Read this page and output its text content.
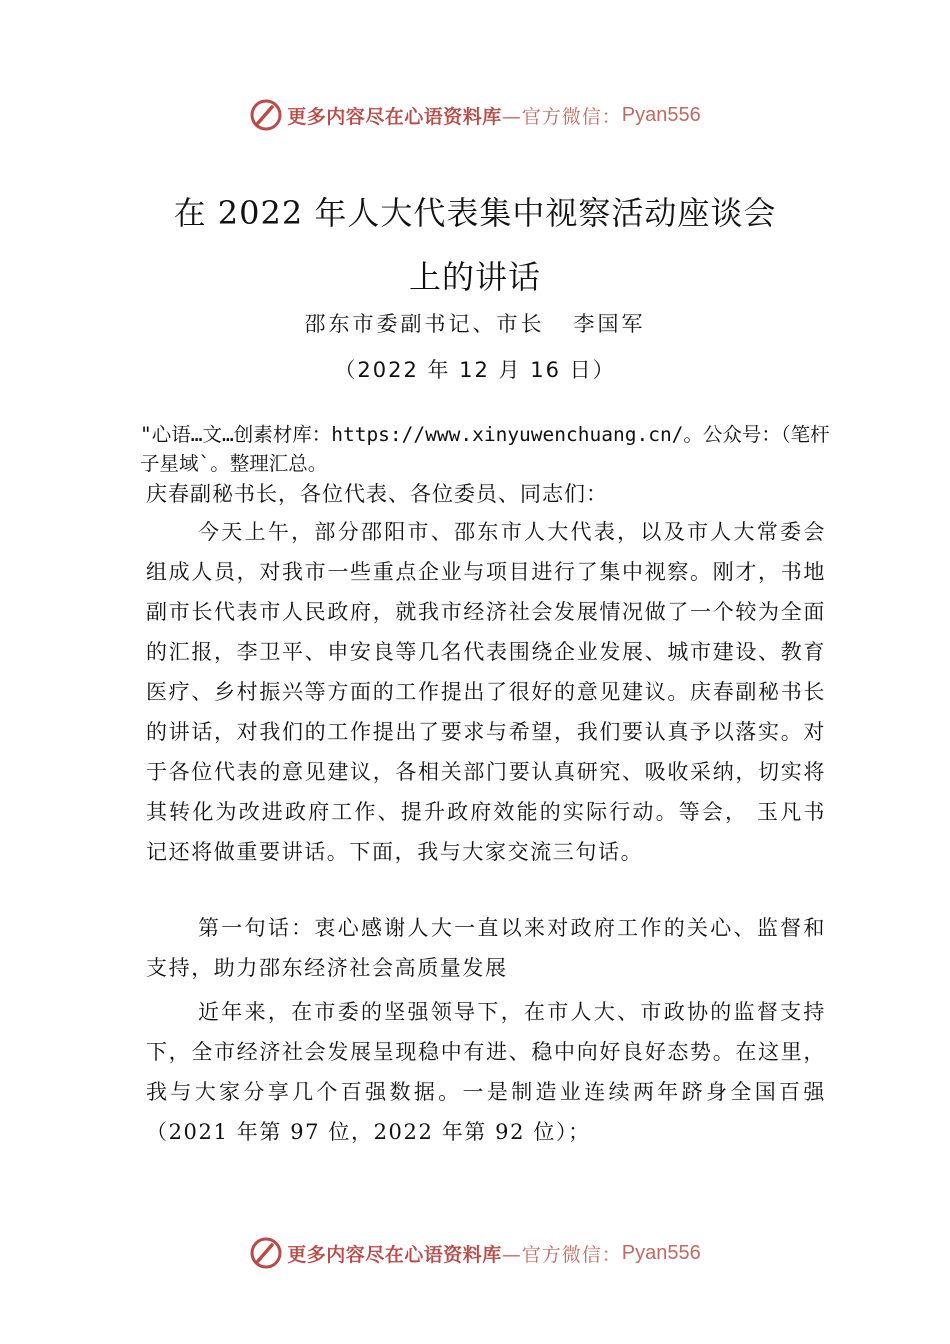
更多内容尽在心语资料库 —官方微信： Pyan556
在 2022 年人大代表集中视察活动座谈会
上的讲话
邵东市委副书记、市长   李国军
（2022 年 12 月 16 日）
"心语…文…创素材库：https://www.xinyuwenchuang.cn/。公众号：（笔杆子星域`。整理汇总。
庆春副秘书长，各位代表、各位委员、同志们：

今天上午，部分邵阳市、邵东市人大代表，以及市人大常委会组成人员，对我市一些重点企业与项目进行了集中视察。刚才，书地副市长代表市人民政府，就我市经济社会发展情况做了一个较为全面的汇报，李卫平、申安良等几名代表围绕企业发展、城市建设、教育医疗、乡村振兴等方面的工作提出了很好的意见建议。庆春副秘书长的讲话，对我们的工作提出了要求与希望，我们要认真予以落实。对于各位代表的意见建议，各相关部门要认真研究、吸收采纳，切实将其转化为改进政府工作、提升政府效能的实际行动。等会， 玉凡书记还将做重要讲话。下面，我与大家交流三句话。

第一句话：衷心感谢人大一直以来对政府工作的关心、监督和支持，助力邵东经济社会高质量发展

近年来，在市委的坚强领导下，在市人大、市政协的监督支持下，全市经济社会发展呈现稳中有进、稳中向好良好态势。在这里，我与大家分享几个百强数据。一是制造业连续两年跻身全国百强（2021 年第 97 位，2022 年第 92 位）；

更多内容尽在心语资料库 —官方微信： Pyan556
